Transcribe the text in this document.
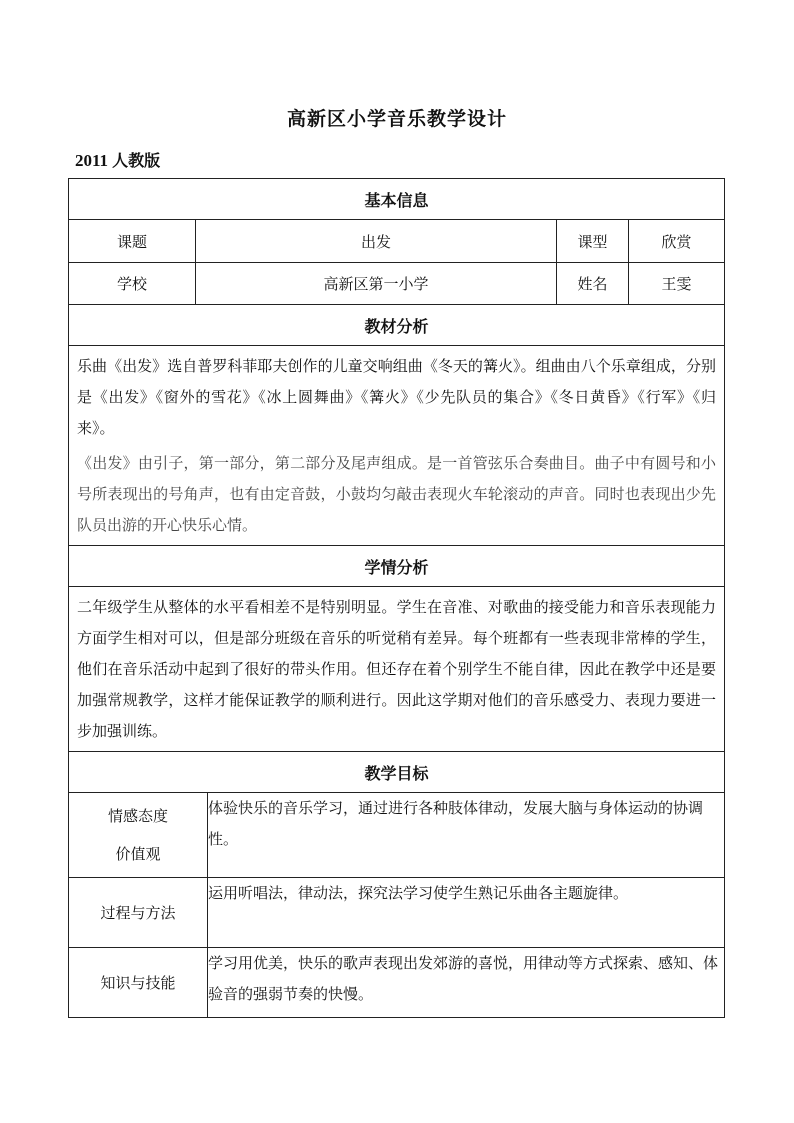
高新区小学音乐教学设计
2011 人教版
基本信息				
课题	出发		课型	欣赏
学校	高新区第一小学		姓名	王雯
教材分析				

乐曲《出发》选自普罗科菲耶夫创作的儿童交响组曲《冬天的篝火》。组曲由八个乐章组成，分别是《出发》《窗外的雪花》《冰上圆舞曲》《篝火》《少先队员的集合》《冬日黄昏》《行军》《归来》。
《出发》由引子，第一部分，第二部分及尾声组成。是一首管弦乐合奏曲目。曲子中有圆号和小号所表现出的号角声，也有由定音鼓，小鼓均匀敲击表现火车轮滚动的声音。同时也表现出少先队员出游的开心快乐心情。				

学情分析				

二年级学生从整体的水平看相差不是特别明显。学生在音准、对歌曲的接受能力和音乐表现能力方面学生相对可以，但是部分班级在音乐的听觉稍有差异。每个班都有一些表现非常棒的学生，他们在音乐活动中起到了很好的带头作用。但还存在着个别学生不能自律，因此在教学中还是要加强常规教学，这样才能保证教学的顺利进行。因此这学期对他们的音乐感受力、表现力要进一步加强训练。				

教学目标				

情感态度
价值观		体验快乐的音乐学习，通过进行各种肢体律动，发展大脑与身体运动的协调性。		
过程与方法		运用听唱法，律动法，探究法学习使学生熟记乐曲各主题旋律。		
知识与技能		学习用优美，快乐的歌声表现出发郊游的喜悦，用律动等方式探索、感知、体验音的强弱节奏的快慢。		
